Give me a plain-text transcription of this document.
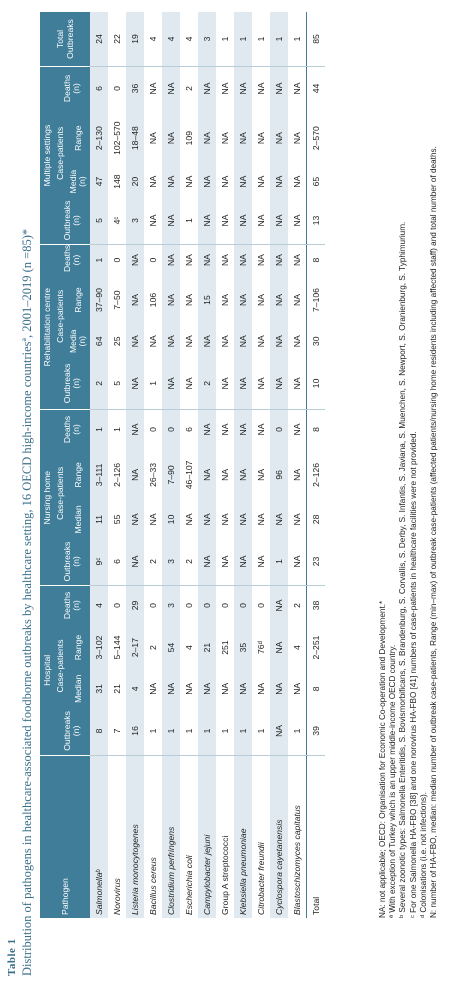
Table 1 Distribution of pathogens in healthcare-associated foodborne outbreaks by healthcare setting, 16 OECD high-income countriesª, 2001–2019 (n =85)*	Pathogen	Hospital				Nursing home				Rehabilitation centre				Multiple settings				Total Outbreaks
	Outbreaks (n)	Case-patients		Deaths (n)	Outbreaks (n)	Case-patients		Deaths (n)	Outbreaks (n)	Case-patients		Deaths (n)	Outbreaks (n)	Case-patients		Deaths (n)	
		Median	Range			Median	Range			Media (n)	Range			Media (n)	Range		
Salmonellaᵇ	8	31	3–102	4	9ᶜ	11	3–111	1	2	64	37–90	1	5	47	2–130	6	24
Norovirus	7	21	5–144	0	6	55	2–126	1	5	25	7–50	0	4ᶜ	148	102–570	0	22
Listeria monocytogenes	16	4	2–17	29	NA	NA	NA	NA	NA	NA	NA	NA	3	20	18–48	36	19
Bacillus cereus	1	NA	2	0	2	NA	26–33	0	1	NA	106	0	NA	NA	NA	NA	4
Clostridium perfringens	1	NA	54	3	3	10	7–90	0	NA	NA	NA	NA	NA	NA	NA	NA	4
Escherichia coli	1	NA	4	0	2	NA	46–107	6	NA	NA	NA	NA	1	NA	109	2	4
Campylobacter jejuni	1	NA	21	0	NA	NA	NA	NA	2	NA	15	NA	NA	NA	NA	NA	3
Group A streptococci	1	NA	251	0	NA	NA	NA	NA	NA	NA	NA	NA	NA	NA	NA	NA	1
Klebsiella pneumoniae	1	NA	35	0	NA	NA	NA	NA	NA	NA	NA	NA	NA	NA	NA	NA	1
Citrobacter freundii	1	NA	76ᵈ	0	NA	NA	NA	NA	NA	NA	NA	NA	NA	NA	NA	NA	1
Cyclospora cayetanensis	NA	NA	NA	NA	1	NA	96	0	NA	NA	NA	NA	NA	NA	NA	NA	1
Blastoschizomyces capitatus	1	NA	4	2	NA	NA	NA	NA	NA	NA	NA	NA	NA	NA	NA	NA	1
Total	39	8	2–251	38	23	28	2–126	8	10	30	7–106	8	13	65	2–570	44	85
NA: not applicable; OECD: Organisation for Economic Co-operation and Development.* ª With exception of Turkey which is an upper middle-income OECD country. ᵇ Several zoonotic types: Salmonella Enteritidis, S. Bovismorbificans, S. Brandenburg, S. Corvallis, S. Derby, S. Infantis, S. Javiana, S. Muenchen, S. Newport, S. Oranienburg, S. Typhimurium. ᶜ For one Salmonella HA-FBO [38] and one norovirus HA-FBO [41] numbers of case-patients in healthcare facilities were not provided. ᵈ Colonisations (i.e. not infections). N: number of HA-FBO, median: median number of outbreak case-patients, Range (min–max) of outbreak case-patients (affected patients/nursing home residents including affected staff) and total number of deaths.
